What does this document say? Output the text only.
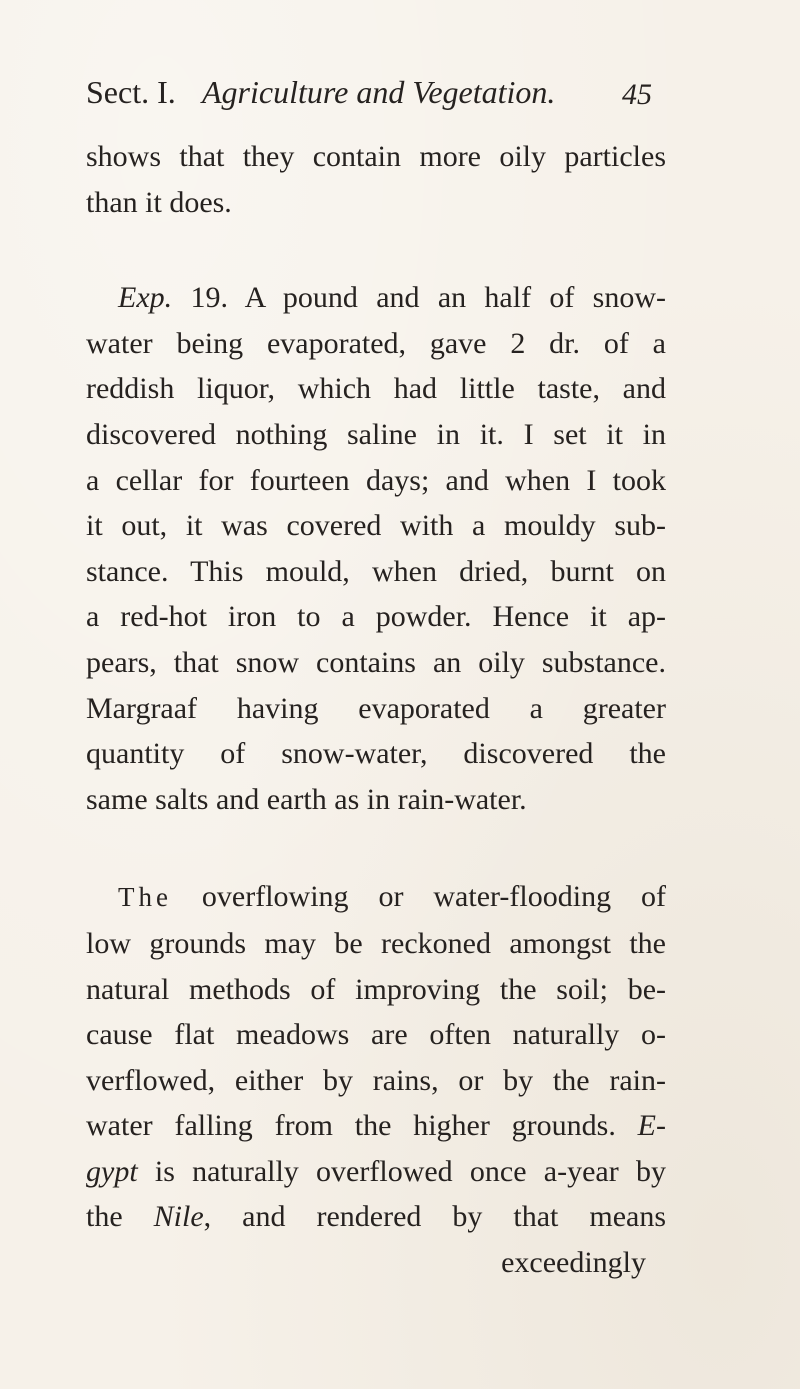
Sect. I. Agriculture and Vegetation. 45
shows that they contain more oily particles
than it does.
Exp. 19. A pound and an half of snow-
water being evaporated, gave 2 dr. of a
reddish liquor, which had little taste, and
discovered nothing saline in it. I set it in
a cellar for fourteen days; and when I took
it out, it was covered with a mouldy sub-
stance. This mould, when dried, burnt on
a red-hot iron to a powder. Hence it ap-
pears, that snow contains an oily substance.
Margraaf having evaporated a greater
quantity of snow-water, discovered the
same salts and earth as in rain-water.
The overflowing or water-flooding of
low grounds may be reckoned amongst the
natural methods of improving the soil; be-
cause flat meadows are often naturally o-
verflowed, either by rains, or by the rain-
water falling from the higher grounds. E-
gypt is naturally overflowed once a-year by
the Nile, and rendered by that means
exceedingly
